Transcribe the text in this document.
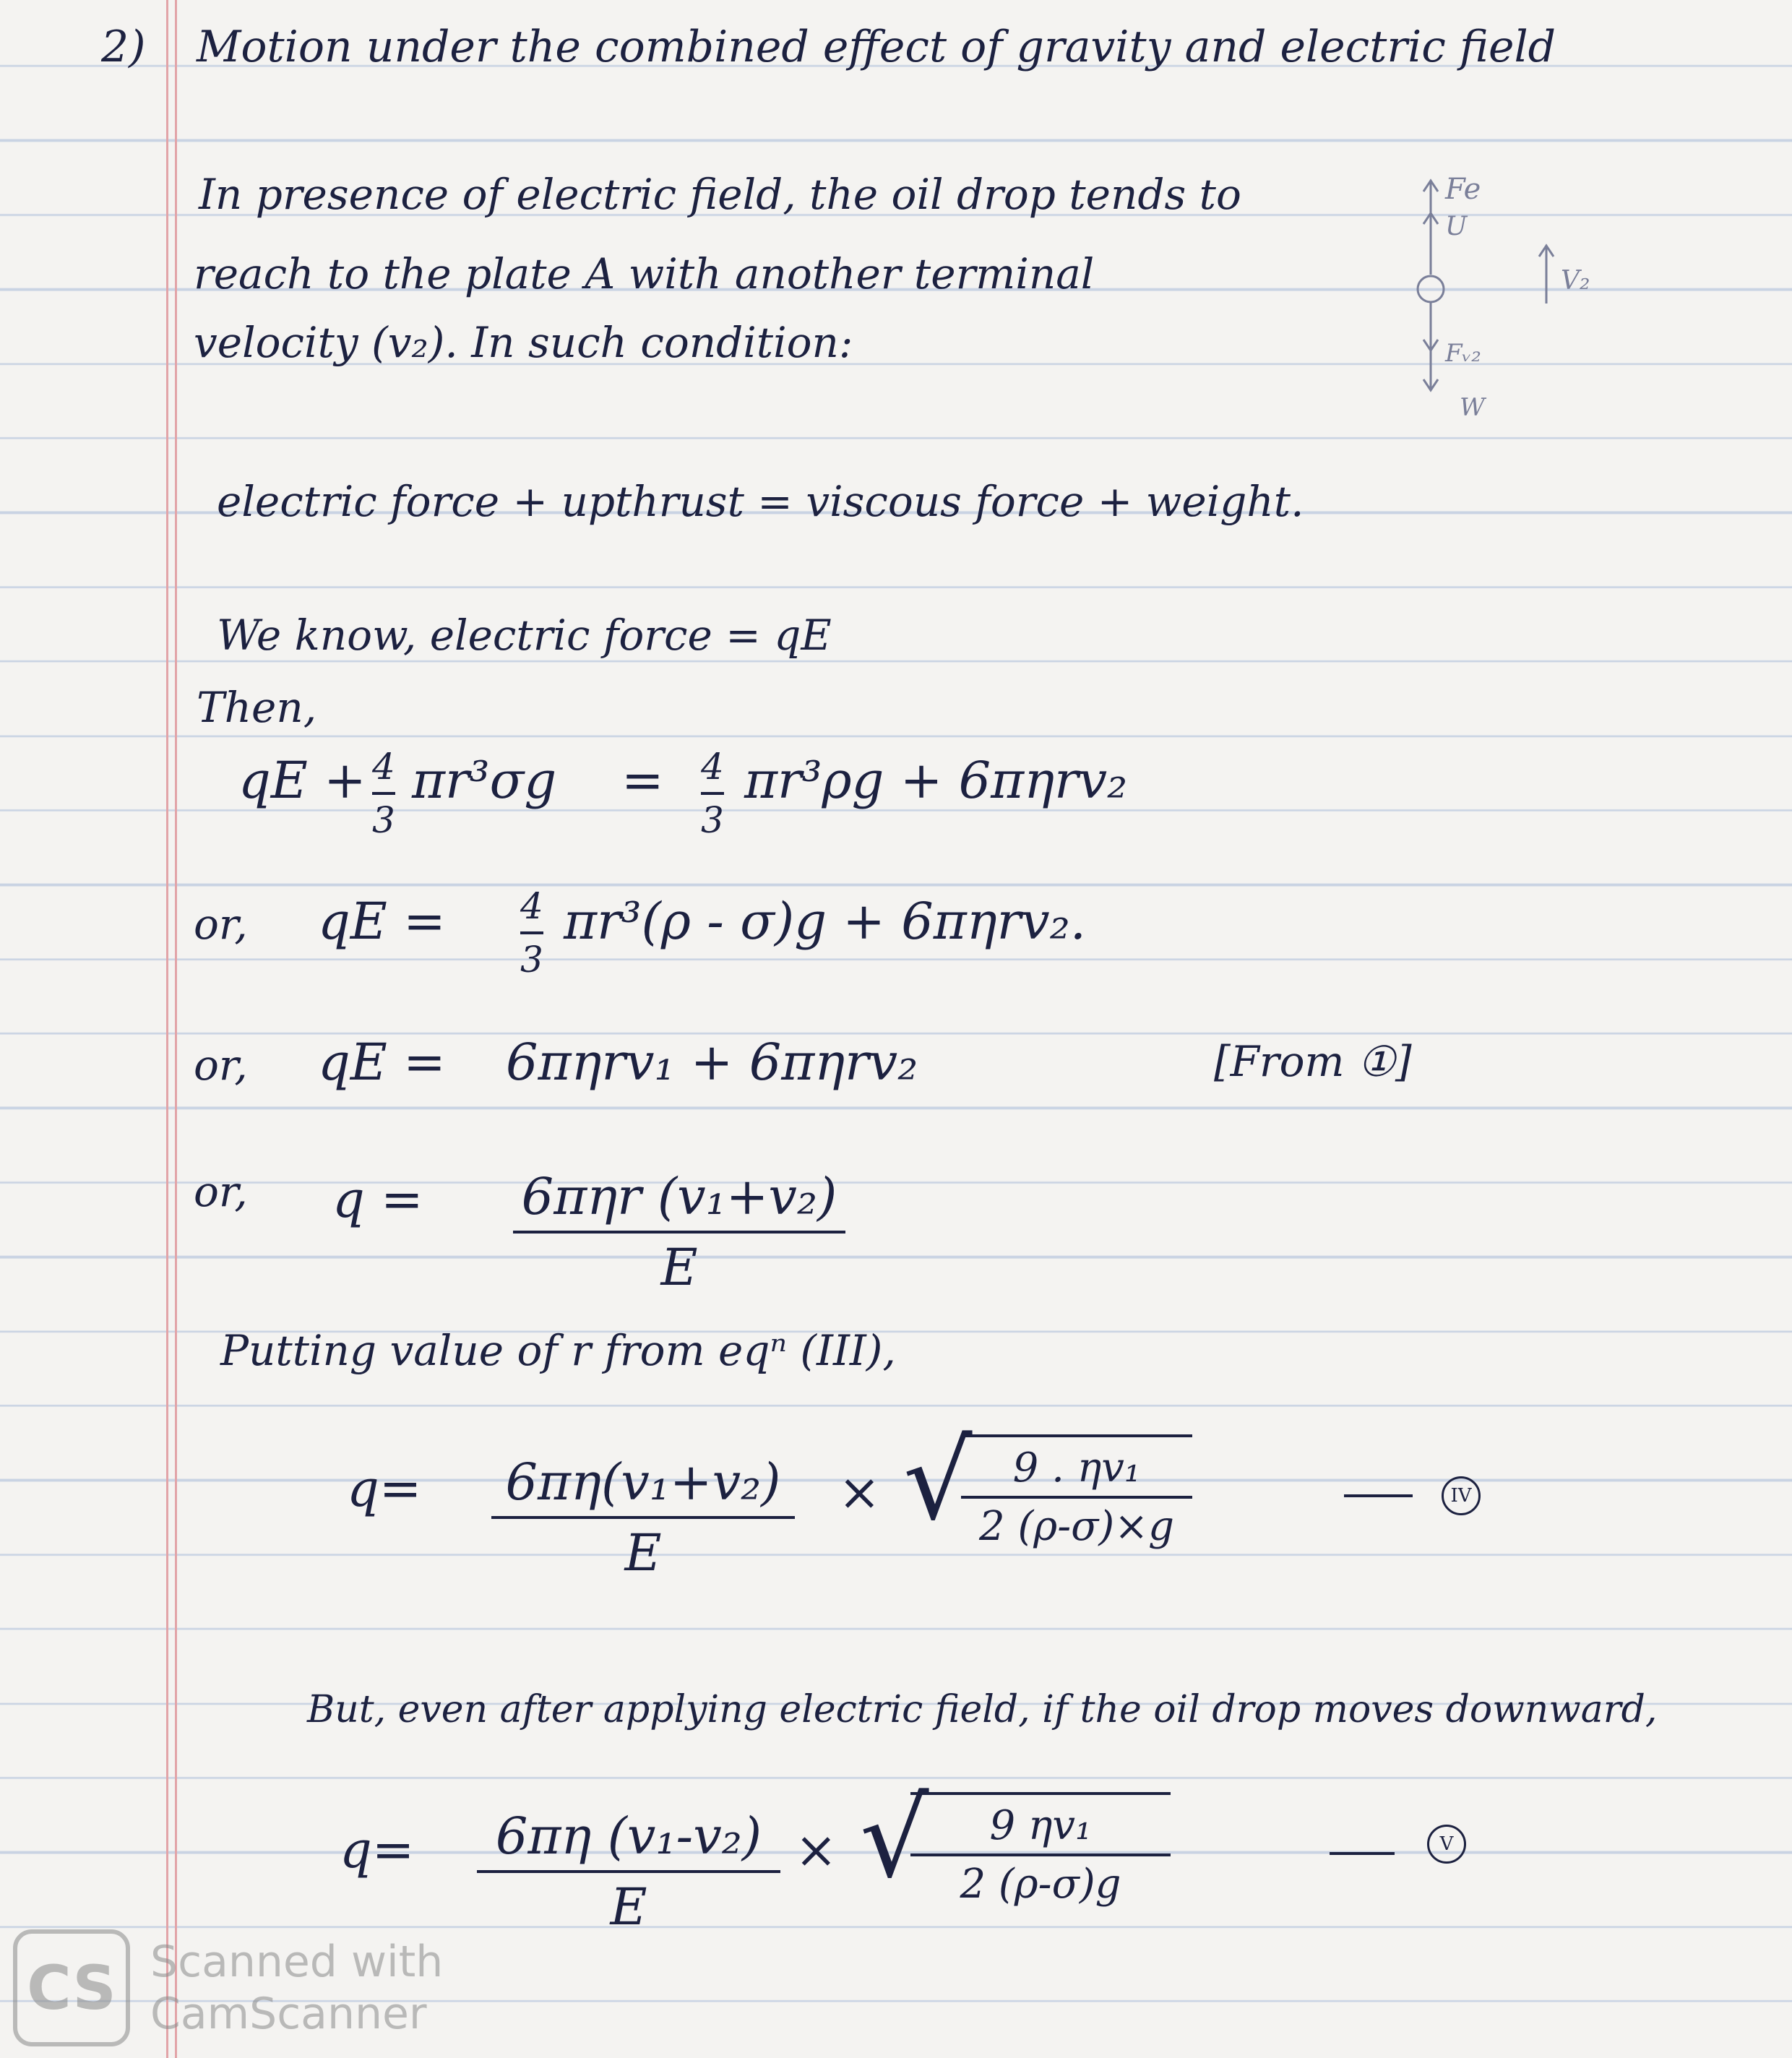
2) Motion under the combined effect of gravity and electric field
In presence of electric field, the oil drop tends to
reach to the plate A with another terminal
velocity (v₂). In such condition:
Fe
U
V₂
Fᵥ₂
W
electric force + upthrust = viscous force + weight.
We know, electric force = qE
Then,
qE + 4
3
πr³σg = 4
3
πr³ρg + 6πηrv₂
or, qE = 4
3
πr³(ρ - σ)g + 6πηrv₂.
or, qE = 6πηrv₁ + 6πηrv₂	[From ①]
or, q = 6πηr (v₁+v₂)
E
Putting value of r from eqⁿ (III),
q= 6πη(v₁+v₂)
E
× √	9 . ηv₁
2 (ρ-σ)×g
IV
But, even after applying electric field, if the oil drop moves downward,
q=	6πη (v₁-v₂)
E
× √	9 ηv₁
2 (ρ-σ)g
V
CS Scanned with
CamScanner
